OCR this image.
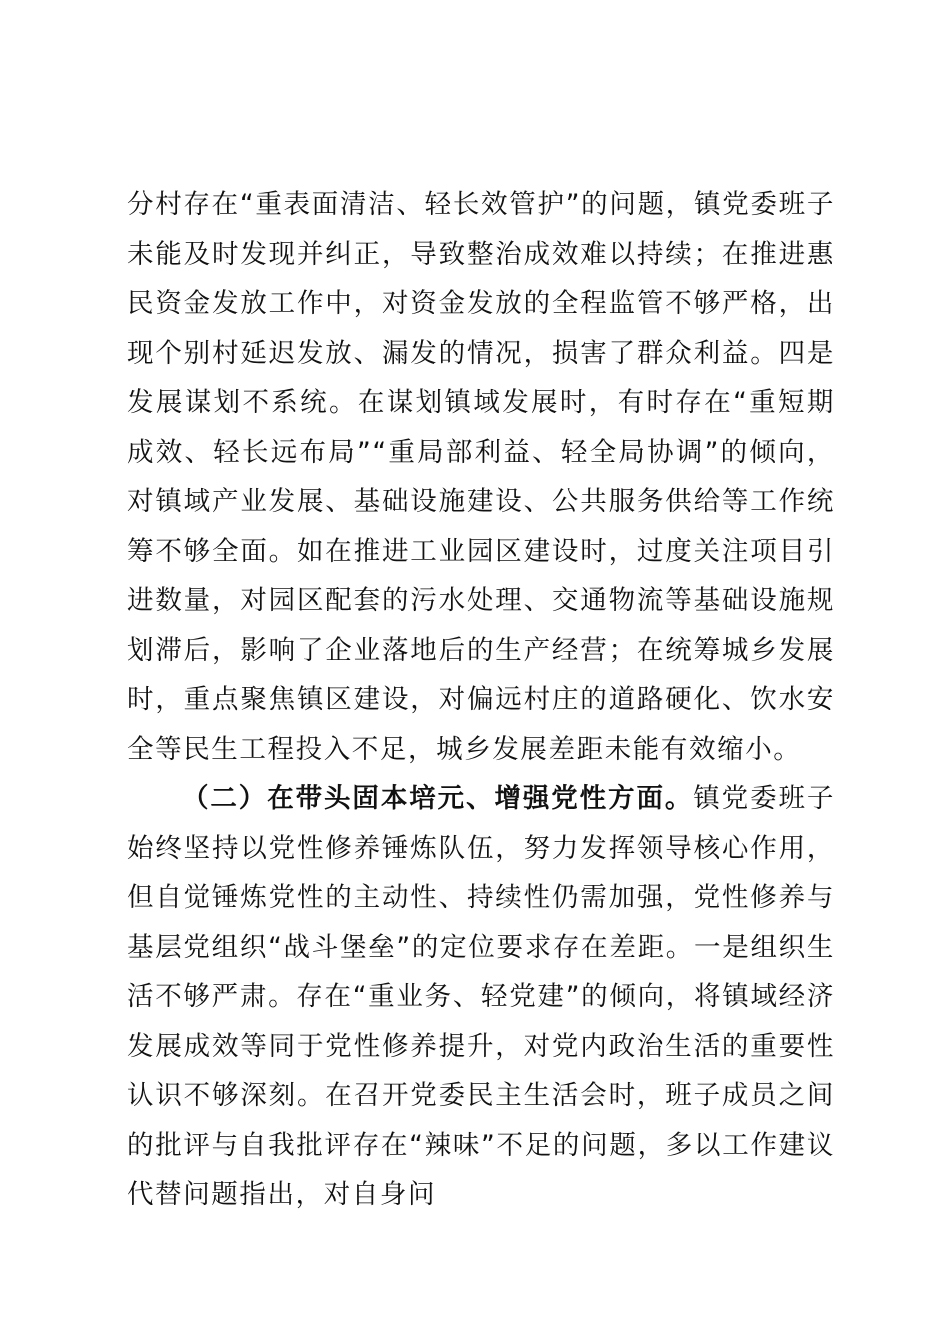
分村存在“重表面清洁、轻长效管护”的问题，镇党委班子未能及时发现并纠正，导致整治成效难以持续；在推进惠民资金发放工作中，对资金发放的全程监管不够严格，出现个别村延迟发放、漏发的情况，损害了群众利益。四是发展谋划不系统。在谋划镇域发展时，有时存在“重短期成效、轻长远布局”“重局部利益、轻全局协调”的倾向，对镇域产业发展、基础设施建设、公共服务供给等工作统筹不够全面。如在推进工业园区建设时，过度关注项目引进数量，对园区配套的污水处理、交通物流等基础设施规划滞后，影响了企业落地后的生产经营；在统筹城乡发展时，重点聚焦镇区建设，对偏远村庄的道路硬化、饮水安全等民生工程投入不足，城乡发展差距未能有效缩小。

（二）在带头固本培元、增强党性方面。镇党委班子始终坚持以党性修养锤炼队伍，努力发挥领导核心作用，但自觉锤炼党性的主动性、持续性仍需加强，党性修养与基层党组织“战斗堡垒”的定位要求存在差距。一是组织生活不够严肃。存在“重业务、轻党建”的倾向，将镇域经济发展成效等同于党性修养提升，对党内政治生活的重要性认识不够深刻。在召开党委民主生活会时，班子成员之间的批评与自我批评存在“辣味”不足的问题，多以工作建议代替问题指出，对自身问
